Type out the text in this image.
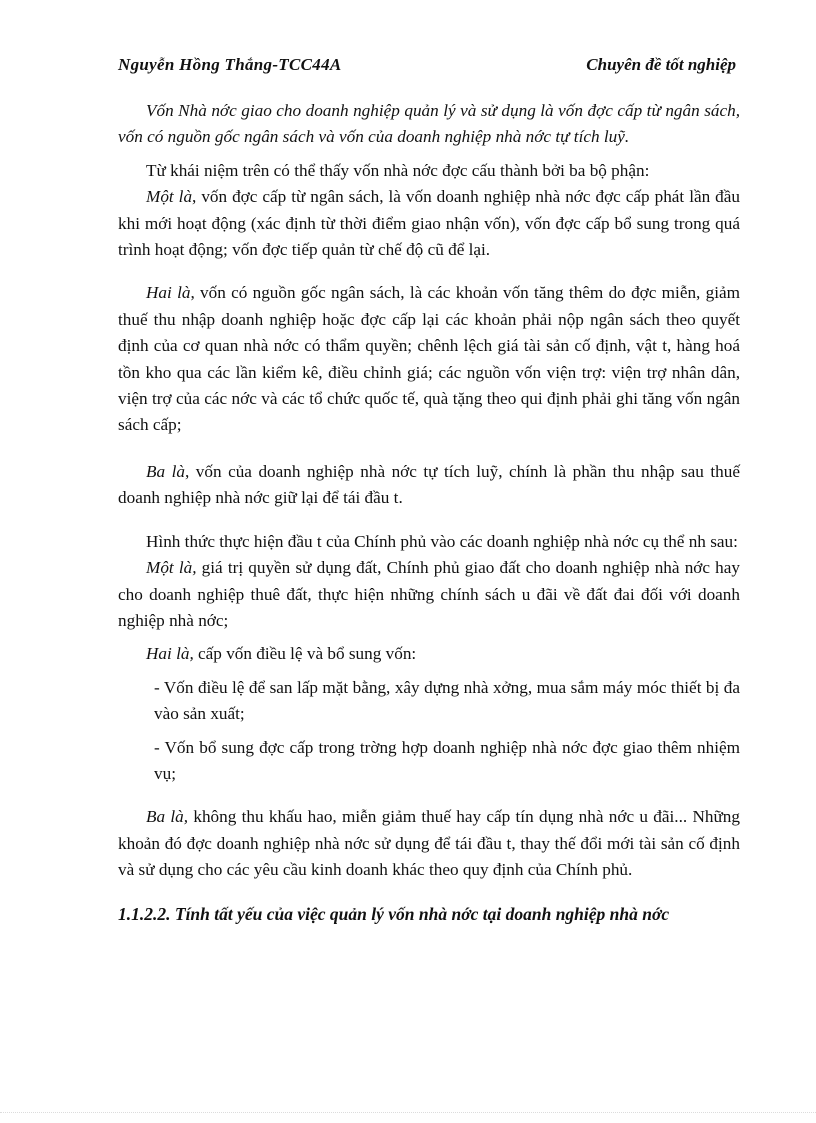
Nguyễn Hồng Thắng-TCC44A	Chuyên đề tốt nghiệp

Vốn Nhà nớc giao cho doanh nghiệp quản lý và sử dụng là vốn đợc cấp từ ngân sách, vốn có nguồn gốc ngân sách và vốn của doanh nghiệp nhà nớc tự tích luỹ.

Từ khái niệm trên có thể thấy vốn nhà nớc đợc cấu thành bởi ba bộ phận:

Một là, vốn đợc cấp từ ngân sách, là vốn doanh nghiệp nhà nớc đợc cấp phát lần đầu khi mới hoạt động (xác định từ thời điểm giao nhận vốn), vốn đợc cấp bổ sung trong quá trình hoạt động; vốn đợc tiếp quản từ chế độ cũ để lại.

Hai là, vốn có nguồn gốc ngân sách, là các khoản vốn tăng thêm do đợc miễn, giảm thuế thu nhập doanh nghiệp hoặc đợc cấp lại các khoản phải nộp ngân sách theo quyết định của cơ quan nhà nớc có thẩm quyền; chênh lệch giá tài sản cố định, vật t, hàng hoá tồn kho qua các lần kiểm kê, điều chỉnh giá; các nguồn vốn viện trợ: viện trợ nhân dân, viện trợ của các nớc và các tổ chức quốc tế, quà tặng theo qui định phải ghi tăng vốn ngân sách cấp;

Ba là, vốn của doanh nghiệp nhà nớc tự tích luỹ, chính là phần thu nhập sau thuế doanh nghiệp nhà nớc giữ lại để tái đầu t.

Hình thức thực hiện đầu t của Chính phủ vào các doanh nghiệp nhà nớc cụ thể nh sau:

Một là, giá trị quyền sử dụng đất, Chính phủ giao đất cho doanh nghiệp nhà nớc hay cho doanh nghiệp thuê đất, thực hiện những chính sách u đãi về đất đai đối với doanh nghiệp nhà nớc;

Hai là, cấp vốn điều lệ và bổ sung vốn:

- Vốn điều lệ để san lấp mặt bằng, xây dựng nhà xởng, mua sắm máy móc thiết bị đa vào sản xuất;

- Vốn bổ sung đợc cấp trong trờng hợp doanh nghiệp nhà nớc đợc giao thêm nhiệm vụ;

Ba là, không thu khấu hao, miễn giảm thuế hay cấp tín dụng nhà nớc u đãi... Những khoản đó đợc doanh nghiệp nhà nớc sử dụng để tái đầu t, thay thế đổi mới tài sản cố định và sử dụng cho các yêu cầu kinh doanh khác theo quy định của Chính phủ.

1.1.2.2. Tính tất yếu của việc quản lý vốn nhà nớc tại doanh nghiệp nhà nớc
